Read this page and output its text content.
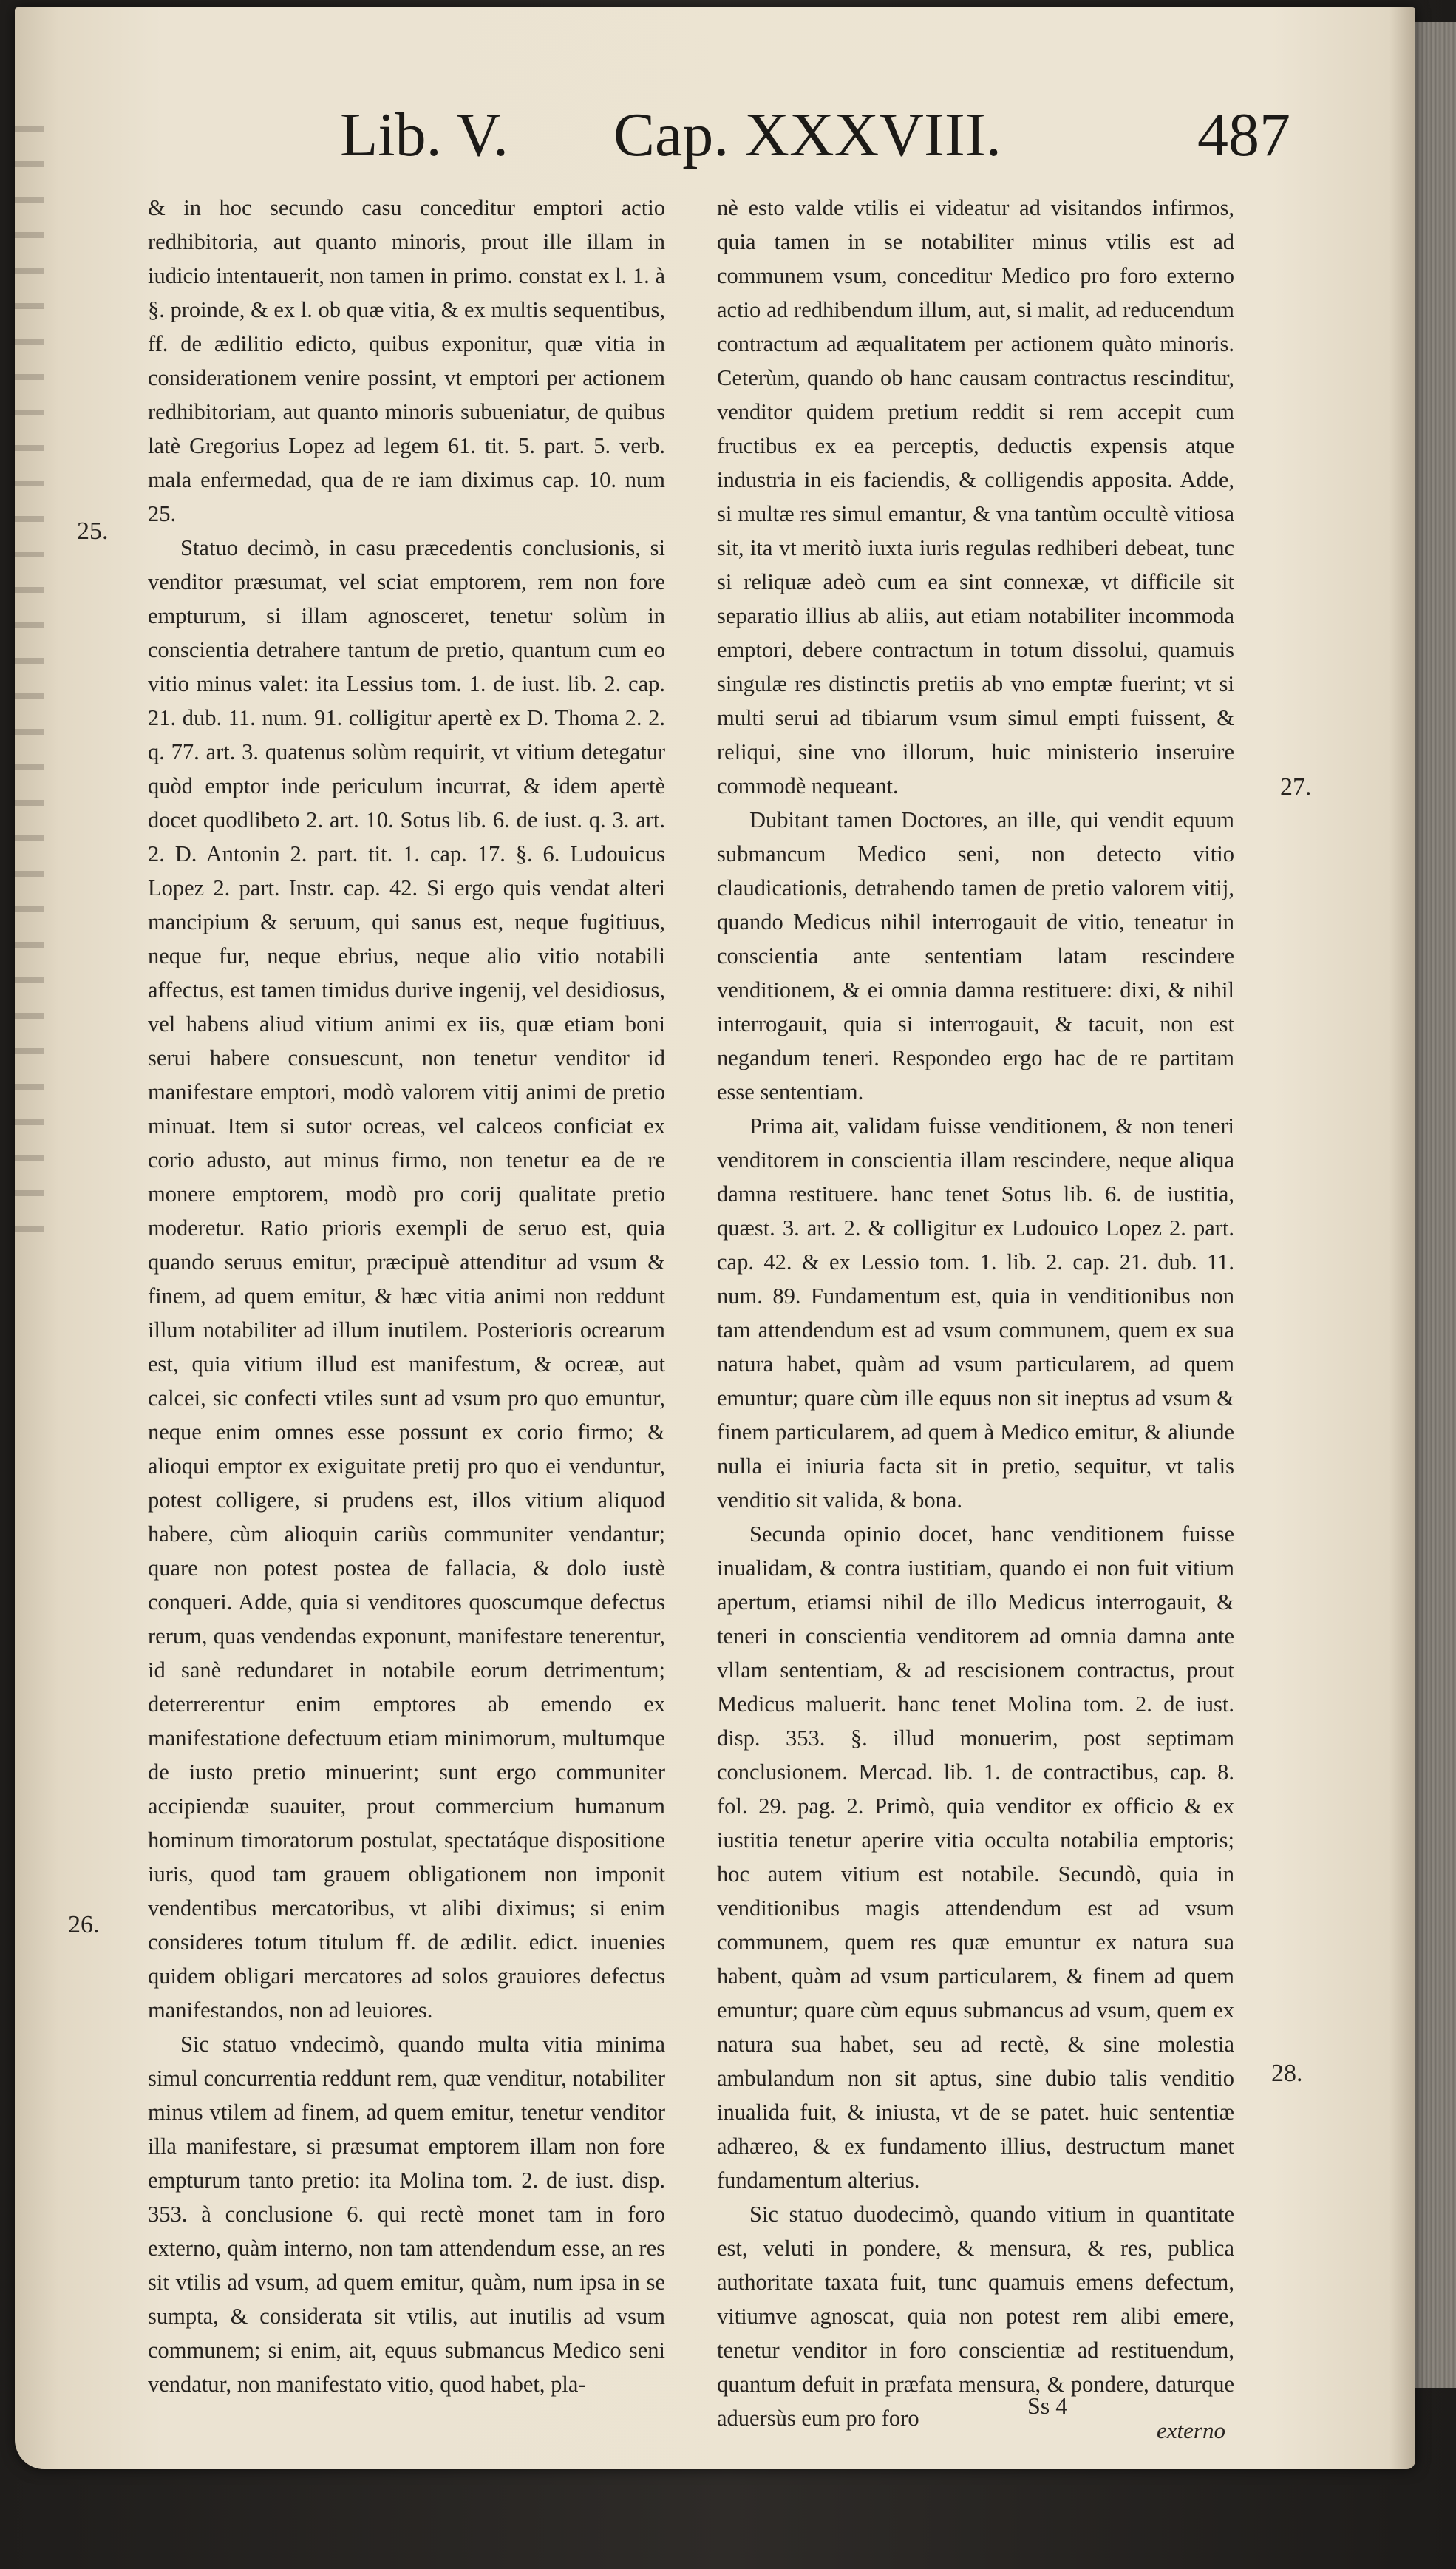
Lib. V. Cap. XXXVIII.	487
25.
26.
27.
28.

& in hoc secundo casu conceditur emptori actio redhibitoria, aut quanto minoris, prout ille illam in iudicio intentauerit, non tamen in primo. constat ex l. 1. à §. proinde, & ex l. ob quæ vitia, & ex multis sequentibus, ff. de ædilitio edicto, quibus exponitur, quæ vitia in considerationem venire possint, vt emptori per actionem redhibitoriam, aut quanto minoris subueniatur, de quibus latè Gregorius Lopez ad legem 61. tit. 5. part. 5. verb. mala enfermedad, qua de re iam diximus cap. 10. num 25.

Statuo decimò, in casu præcedentis conclusionis, si venditor præsumat, vel sciat emptorem, rem non fore empturum, si illam agnosceret, tenetur solùm in conscientia detrahere tantum de pretio, quantum cum eo vitio minus valet: ita Lessius tom. 1. de iust. lib. 2. cap. 21. dub. 11. num. 91. colligitur apertè ex D. Thoma 2. 2. q. 77. art. 3. quatenus solùm requirit, vt vitium detegatur quòd emptor inde periculum incurrat, & idem apertè docet quodlibeto 2. art. 10. Sotus lib. 6. de iust. q. 3. art. 2. D. Antonin 2. part. tit. 1. cap. 17. §. 6. Ludouicus Lopez 2. part. Instr. cap. 42. Si ergo quis vendat alteri mancipium & seruum, qui sanus est, neque fugitiuus, neque fur, neque ebrius, neque alio vitio notabili affectus, est tamen timidus durive ingenij, vel desidiosus, vel habens aliud vitium animi ex iis, quæ etiam boni serui habere consuescunt, non tenetur venditor id manifestare emptori, modò valorem vitij animi de pretio minuat. Item si sutor ocreas, vel calceos conficiat ex corio adusto, aut minus firmo, non tenetur ea de re monere emptorem, modò pro corij qualitate pretio moderetur. Ratio prioris exempli de seruo est, quia quando seruus emitur, præcipuè attenditur ad vsum & finem, ad quem emitur, & hæc vitia animi non reddunt illum notabiliter ad illum inutilem. Posterioris ocrearum est, quia vitium illud est manifestum, & ocreæ, aut calcei, sic confecti vtiles sunt ad vsum pro quo emuntur, neque enim omnes esse possunt ex corio firmo; & alioqui emptor ex exiguitate pretij pro quo ei venduntur, potest colligere, si prudens est, illos vitium aliquod habere, cùm alioquin cariùs communiter vendantur; quare non potest postea de fallacia, & dolo iustè conqueri. Adde, quia si venditores quoscumque defectus rerum, quas vendendas exponunt, manifestare tenerentur, id sanè redundaret in notabile eorum detrimentum; deterrerentur enim emptores ab emendo ex manifestatione defectuum etiam minimorum, multumque de iusto pretio minuerint; sunt ergo communiter accipiendæ suauiter, prout commercium humanum hominum timoratorum postulat, spectatáque dispositione iuris, quod tam grauem obligationem non imponit vendentibus mercatoribus, vt alibi diximus; si enim consideres totum titulum ff. de ædilit. edict. inuenies quidem obligari mercatores ad solos grauiores defectus manifestandos, non ad leuiores.

Sic statuo vndecimò, quando multa vitia minima simul concurrentia reddunt rem, quæ venditur, notabiliter minus vtilem ad finem, ad quem emitur, tenetur venditor illa manifestare, si præsumat emptorem illam non fore empturum tanto pretio: ita Molina tom. 2. de iust. disp. 353. à conclusione 6. qui rectè monet tam in foro externo, quàm interno, non tam attendendum esse, an res sit vtilis ad vsum, ad quem emitur, quàm, num ipsa in se sumpta, & considerata sit vtilis, aut inutilis ad vsum communem; si enim, ait, equus submancus Medico seni vendatur, non manifestato vitio, quod habet, pla-

nè esto valde vtilis ei videatur ad visitandos infirmos, quia tamen in se notabiliter minus vtilis est ad communem vsum, conceditur Medico pro foro externo actio ad redhibendum illum, aut, si malit, ad reducendum contractum ad æqualitatem per actionem quàto minoris. Ceterùm, quando ob hanc causam contractus rescinditur, venditor quidem pretium reddit si rem accepit cum fructibus ex ea perceptis, deductis expensis atque industria in eis faciendis, & colligendis apposita. Adde, si multæ res simul emantur, & vna tantùm occultè vitiosa sit, ita vt meritò iuxta iuris regulas redhiberi debeat, tunc si reliquæ adeò cum ea sint connexæ, vt difficile sit separatio illius ab aliis, aut etiam notabiliter incommoda emptori, debere contractum in totum dissolui, quamuis singulæ res distinctis pretiis ab vno emptæ fuerint; vt si multi serui ad tibiarum vsum simul empti fuissent, & reliqui, sine vno illorum, huic ministerio inseruire commodè nequeant.

Dubitant tamen Doctores, an ille, qui vendit equum submancum Medico seni, non detecto vitio claudicationis, detrahendo tamen de pretio valorem vitij, quando Medicus nihil interrogauit de vitio, teneatur in conscientia ante sententiam latam rescindere venditionem, & ei omnia damna restituere: dixi, & nihil interrogauit, quia si interrogauit, & tacuit, non est negandum teneri. Respondeo ergo hac de re partitam esse sententiam.

Prima ait, validam fuisse venditionem, & non teneri venditorem in conscientia illam rescindere, neque aliqua damna restituere. hanc tenet Sotus lib. 6. de iustitia, quæst. 3. art. 2. & colligitur ex Ludouico Lopez 2. part. cap. 42. & ex Lessio tom. 1. lib. 2. cap. 21. dub. 11. num. 89. Fundamentum est, quia in venditionibus non tam attendendum est ad vsum communem, quem ex sua natura habet, quàm ad vsum particularem, ad quem emuntur; quare cùm ille equus non sit ineptus ad vsum & finem particularem, ad quem à Medico emitur, & aliunde nulla ei iniuria facta sit in pretio, sequitur, vt talis venditio sit valida, & bona.

Secunda opinio docet, hanc venditionem fuisse inualidam, & contra iustitiam, quando ei non fuit vitium apertum, etiamsi nihil de illo Medicus interrogauit, & teneri in conscientia venditorem ad omnia damna ante vllam sententiam, & ad rescisionem contractus, prout Medicus maluerit. hanc tenet Molina tom. 2. de iust. disp. 353. §. illud monuerim, post septimam conclusionem. Mercad. lib. 1. de contractibus, cap. 8. fol. 29. pag. 2. Primò, quia venditor ex officio & ex iustitia tenetur aperire vitia occulta notabilia emptoris; hoc autem vitium est notabile. Secundò, quia in venditionibus magis attendendum est ad vsum communem, quem res quæ emuntur ex natura sua habent, quàm ad vsum particularem, & finem ad quem emuntur; quare cùm equus submancus ad vsum, quem ex natura sua habet, seu ad rectè, & sine molestia ambulandum non sit aptus, sine dubio talis venditio inualida fuit, & iniusta, vt de se patet. huic sententiæ adhæreo, & ex fundamento illius, destructum manet fundamentum alterius.

Sic statuo duodecimò, quando vitium in quantitate est, veluti in pondere, & mensura, & res, publica authoritate taxata fuit, tunc quamuis emens defectum, vitiumve agnoscat, quia non potest rem alibi emere, tenetur venditor in foro conscientiæ ad restituendum, quantum defuit in præfata mensura, & pondere, daturque aduersùs eum pro foro	Ss 4
externo
